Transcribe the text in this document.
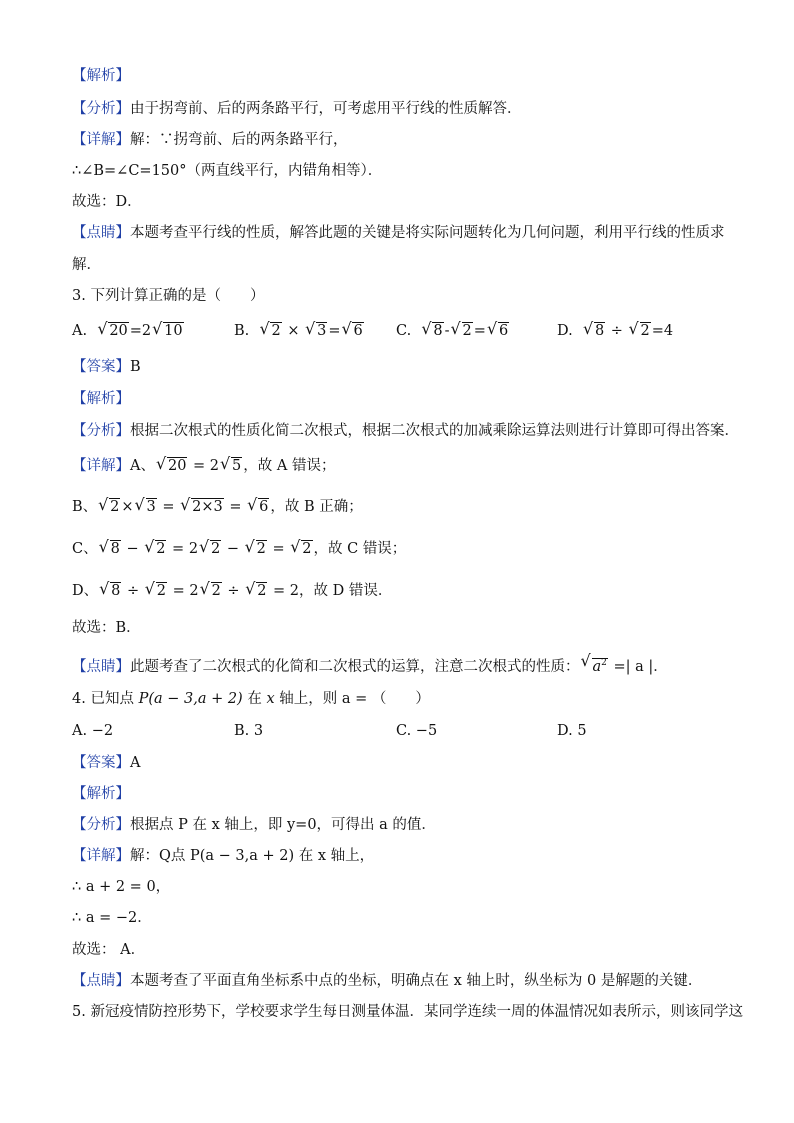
【解析】
【分析】由于拐弯前、后的两条路平行，可考虑用平行线的性质解答．
【详解】解：∵拐弯前、后的两条路平行，
∴∠B=∠C=150°（两直线平行，内错角相等）．
故选：D．
【点睛】本题考查平行线的性质，解答此题的关键是将实际问题转化为几何问题，利用平行线的性质求
解．
3. 下列计算正确的是（　　）
A. √ 20 =2 √ 10	B. √ 2 × √ 3 = √ 6 C. √ 8 - √ 2 = √ 6	D. √ 8 ÷ √ 2 =4
【答案】B
【解析】
【分析】根据二次根式的性质化简二次根式，根据二次根式的加减乘除运算法则进行计算即可得出答案．
【详解】A、 √ 20 = 2 √ 5 ，故 A 错误；
B、 √ 2 × √ 3 = √ 2×3 = √ 6 ，故 B 正确；
C、 √ 8 − √ 2 = 2 √ 2 − √ 2 = √ 2 ，故 C 错误；
D、 √ 8 ÷ √ 2 = 2 √ 2 ÷ √ 2 = 2，故 D 错误．
故选：B．
【点睛】此题考查了二次根式的化简和二次根式的运算，注意二次根式的性质： √ $a^2$ =| a |．
4. 已知点 P(a − 3,a + 2) 在 x 轴上，则 a = （　　）
A. −2	B. 3	C. −5	D. 5
【答案】A
【解析】
【分析】根据点 P 在 x 轴上，即 y=0，可得出 a 的值．
【详解】解：Q点 P(a − 3,a + 2) 在 x 轴上，
∴ a + 2 = 0，
∴ a = −2．
故选： A．
【点睛】本题考查了平面直角坐标系中点的坐标，明确点在 x 轴上时，纵坐标为 0 是解题的关键．
5. 新冠疫情防控形势下，学校要求学生每日测量体温．某同学连续一周的体温情况如表所示，则该同学这
